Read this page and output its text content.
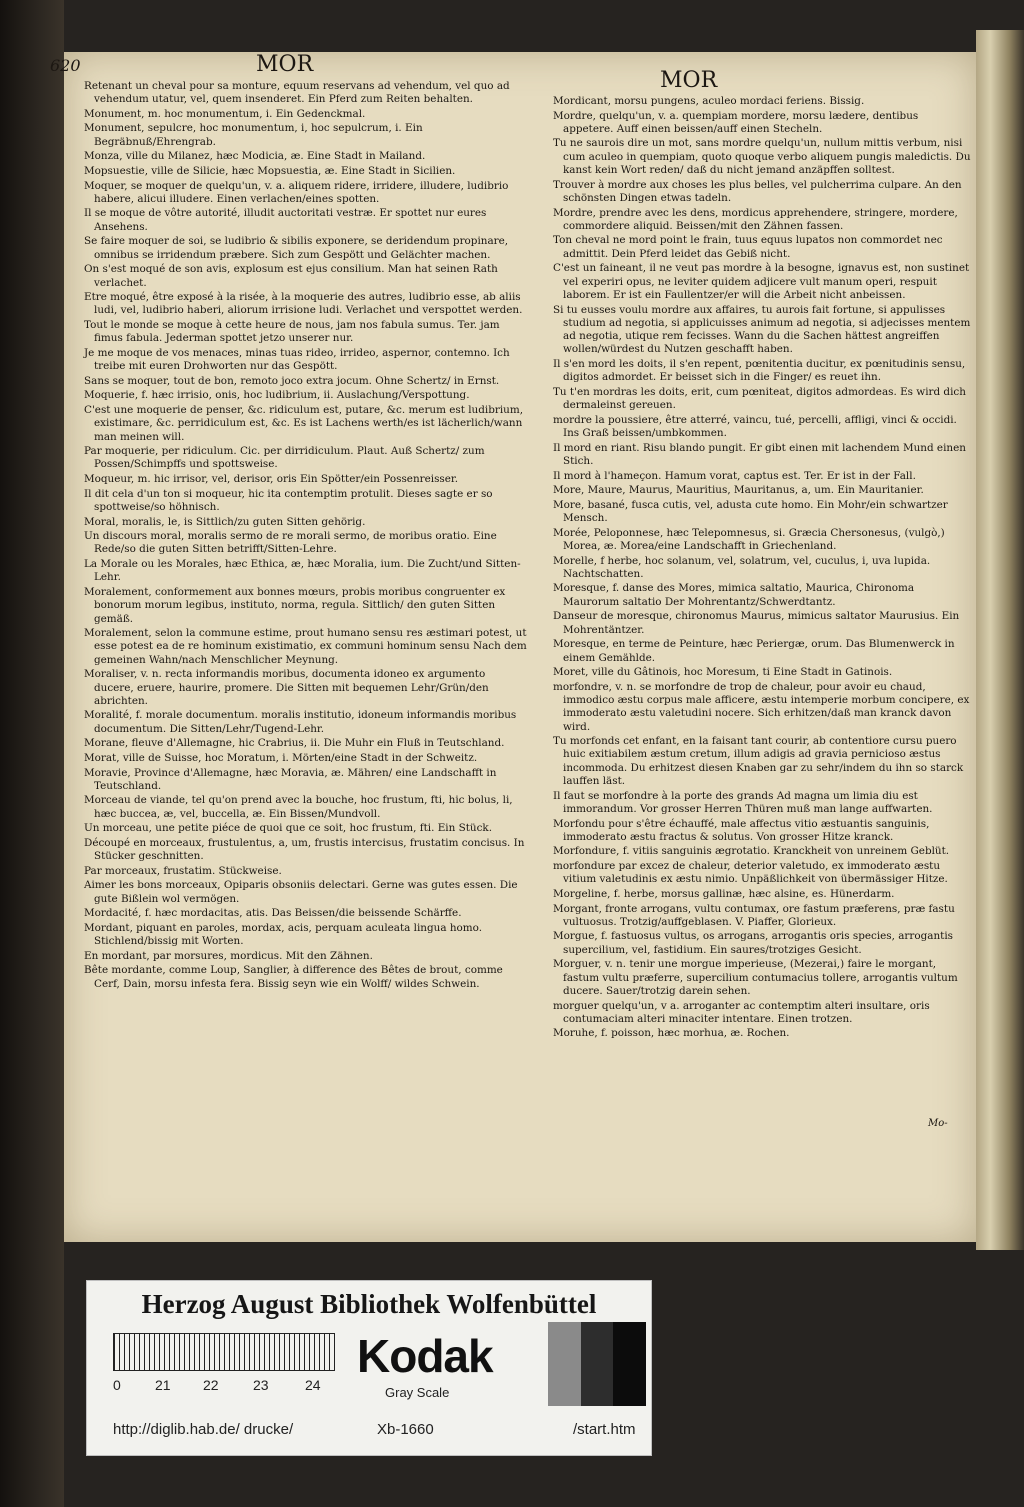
620	MOR
MOR

Retenant un cheval pour sa monture, equum reservans ad vehendum, vel quo ad vehendum utatur, vel, quem insenderet. Ein Pferd zum Reiten behalten.

Monument, m. hoc monumentum, i. Ein Gedenckmal.

Monument, sepulcre, hoc monumentum, i, hoc sepulcrum, i. Ein Begräbnuß/Ehrengrab.

Monza, ville du Milanez, hæc Modicia, æ. Eine Stadt in Mailand.

Mopsuestie, ville de Silicie, hæc Mopsuestia, æ. Eine Stadt in Sicilien.

Moquer, se moquer de quelqu'un, v. a. aliquem ridere, irridere, illudere, ludibrio habere, alicui illudere. Einen verlachen/eines spotten.

Il se moque de vôtre autorité, illudit auctoritati vestræ. Er spottet nur eures Ansehens.

Se faire moquer de soi, se ludibrio & sibilis exponere, se deridendum propinare, omnibus se irridendum præbere. Sich zum Gespött und Gelächter machen.

On s'est moqué de son avis, explosum est ejus consilium. Man hat seinen Rath verlachet.

Etre moqué, être exposé à la risée, à la moquerie des autres, ludibrio esse, ab aliis ludi, vel, ludibrio haberi, aliorum irrisione ludi. Verlachet und verspottet werden.

Tout le monde se moque à cette heure de nous, jam nos fabula sumus. Ter. jam fimus fabula. Jederman spottet jetzo unserer nur.

Je me moque de vos menaces, minas tuas rideo, irrideo, aspernor, contemno. Ich treibe mit euren Drohworten nur das Gespött.

Sans se moquer, tout de bon, remoto joco extra jocum. Ohne Schertz/ in Ernst.

Moquerie, f. hæc irrisio, onis, hoc ludibrium, ii. Auslachung/Verspottung.

C'est une moquerie de penser, &c. ridiculum est, putare, &c. merum est ludibrium, existimare, &c. perridiculum est, &c. Es ist Lachens werth/es ist lächerlich/wann man meinen will.

Par moquerie, per ridiculum. Cic. per dirridiculum. Plaut. Auß Schertz/ zum Possen/Schimpffs und spottsweise.

Moqueur, m. hic irrisor, vel, derisor, oris Ein Spötter/ein Possenreisser.

Il dit cela d'un ton si moqueur, hic ita contemptim protulit. Dieses sagte er so spottweise/so höhnisch.

Moral, moralis, le, is Sittlich/zu guten Sitten gehörig.

Un discours moral, moralis sermo de re morali sermo, de moribus oratio. Eine Rede/so die guten Sitten betrifft/Sitten-Lehre.

La Morale ou les Morales, hæc Ethica, æ, hæc Moralia, ium. Die Zucht/und Sitten-Lehr.

Moralement, conformement aux bonnes mœurs, probis moribus congruenter ex bonorum morum legibus, instituto, norma, regula. Sittlich/ den guten Sitten gemäß.

Moralement, selon la commune estime, prout humano sensu res æstimari potest, ut esse potest ea de re hominum existimatio, ex communi hominum sensu Nach dem gemeinen Wahn/nach Menschlicher Meynung.

Moraliser, v. n. recta informandis moribus, documenta idoneo ex argumento ducere, eruere, haurire, promere. Die Sitten mit bequemen Lehr/Grün/den abrichten.

Moralité, f. morale documentum. moralis institutio, idoneum informandis moribus documentum. Die Sitten/Lehr/Tugend-Lehr.

Morane, fleuve d'Allemagne, hic Crabrius, ii. Die Muhr ein Fluß in Teutschland.

Morat, ville de Suisse, hoc Moratum, i. Mörten/eine Stadt in der Schweitz.

Moravie, Province d'Allemagne, hæc Moravia, æ. Mähren/ eine Landschafft in Teutschland.

Morceau de viande, tel qu'on prend avec la bouche, hoc frustum, fti, hic bolus, li, hæc buccea, æ, vel, buccella, æ. Ein Bissen/Mundvoll.

Un morceau, une petite piéce de quoi que ce soit, hoc frustum, fti. Ein Stück.

Découpé en morceaux, frustulentus, a, um, frustis intercisus, frustatim concisus. In Stücker geschnitten.

Par morceaux, frustatim. Stückweise.

Aimer les bons morceaux, Opiparis obsoniis delectari. Gerne was gutes essen. Die gute Bißlein wol vermögen.

Mordacité, f. hæc mordacitas, atis. Das Beissen/die beissende Schärffe.

Mordant, piquant en paroles, mordax, acis, perquam aculeata lingua homo. Stichlend/bissig mit Worten.

En mordant, par morsures, mordicus. Mit den Zähnen.

Bête mordante, comme Loup, Sanglier, à difference des Bêtes de brout, comme Cerf, Dain, morsu infesta fera. Bissig seyn wie ein Wolff/ wildes Schwein.

Mordicant, morsu pungens, aculeo mordaci feriens. Bissig.

Mordre, quelqu'un, v. a. quempiam mordere, morsu lædere, dentibus appetere. Auff einen beissen/auff einen Stecheln.

Tu ne saurois dire un mot, sans mordre quelqu'un, nullum mittis verbum, nisi cum aculeo in quempiam, quoto quoque verbo aliquem pungis maledictis. Du kanst kein Wort reden/ daß du nicht jemand anzäpffen solltest.

Trouver à mordre aux choses les plus belles, vel pulcherrima culpare. An den schönsten Dingen etwas tadeln.

Mordre, prendre avec les dens, mordicus apprehendere, stringere, mordere, commordere aliquid. Beissen/mit den Zähnen fassen.

Ton cheval ne mord point le frain, tuus equus lupatos non commordet nec admittit. Dein Pferd leidet das Gebiß nicht.

C'est un faineant, il ne veut pas mordre à la besogne, ignavus est, non sustinet vel experiri opus, ne leviter quidem adjicere vult manum operi, respuit laborem. Er ist ein Faullentzer/er will die Arbeit nicht anbeissen.

Si tu eusses voulu mordre aux affaires, tu aurois fait fortune, si appulisses studium ad negotia, si applicuisses animum ad negotia, si adjecisses mentem ad negotia, utique rem fecisses. Wann du die Sachen hättest angreiffen wollen/würdest du Nutzen geschafft haben.

Il s'en mord les doits, il s'en repent, pœnitentia ducitur, ex pœnitudinis sensu, digitos admordet. Er beisset sich in die Finger/ es reuet ihn.

Tu t'en mordras les doits, erit, cum pœniteat, digitos admordeas. Es wird dich dermaleinst gereuen.

mordre la poussiere, être atterré, vaincu, tué, percelli, affligi, vinci & occidi. Ins Graß beissen/umbkommen.

Il mord en riant. Risu blando pungit. Er gibt einen mit lachendem Mund einen Stich.

Il mord à l'hameçon. Hamum vorat, captus est. Ter. Er ist in der Fall.

More, Maure, Maurus, Mauritius, Mauritanus, a, um. Ein Mauritanier.

More, basané, fusca cutis, vel, adusta cute homo. Ein Mohr/ein schwartzer Mensch.

Morée, Peloponnese, hæc Telepomnesus, si. Græcia Chersonesus, (vulgò,) Morea, æ. Morea/eine Landschafft in Griechenland.

Morelle, f herbe, hoc solanum, vel, solatrum, vel, cuculus, i, uva lupida. Nachtschatten.

Moresque, f. danse des Mores, mimica saltatio, Maurica, Chironoma Maurorum saltatio Der Mohrentantz/Schwerdtantz.

Danseur de moresque, chironomus Maurus, mimicus saltator Maurusius. Ein Mohrentäntzer.

Moresque, en terme de Peinture, hæc Periergæ, orum. Das Blumenwerck in einem Gemählde.

Moret, ville du Gâtinois, hoc Moresum, ti Eine Stadt in Gatinois.

morfondre, v. n. se morfondre de trop de chaleur, pour avoir eu chaud, immodico æstu corpus male afficere, æstu intemperie morbum concipere, ex immoderato æstu valetudini nocere. Sich erhitzen/daß man kranck davon wird.

Tu morfonds cet enfant, en la faisant tant courir, ab contentiore cursu puero huic exitiabilem æstum cretum, illum adigis ad gravia pernicioso æstus incommoda. Du erhitzest diesen Knaben gar zu sehr/indem du ihn so starck lauffen läst.

Il faut se morfondre à la porte des grands Ad magna um limia diu est immorandum. Vor grosser Herren Thüren muß man lange auffwarten.

Morfondu pour s'être échauffé, male affectus vitio æstuantis sanguinis, immoderato æstu fractus & solutus. Von grosser Hitze kranck.

Morfondure, f. vitiis sanguinis ægrotatio. Kranckheit von unreinem Geblüt.

morfondure par excez de chaleur, deterior valetudo, ex immoderato æstu vitium valetudinis ex æstu nimio. Unpäßlichkeit von übermässiger Hitze.

Morgeline, f. herbe, morsus gallinæ, hæc alsine, es. Hünerdarm.

Morgant, fronte arrogans, vultu contumax, ore fastum præferens, præ fastu vultuosus. Trotzig/auffgeblasen. V. Piaffer, Glorieux.

Morgue, f. fastuosus vultus, os arrogans, arrogantis oris species, arrogantis supercilium, vel, fastidium. Ein saures/trotziges Gesicht.

Morguer, v. n. tenir une morgue imperieuse, (Mezerai,) faire le morgant, fastum vultu præferre, supercilium contumacius tollere, arrogantis vultum ducere. Sauer/trotzig darein sehen.

morguer quelqu'un, v a. arroganter ac contemptim alteri insultare, oris contumaciam alteri minaciter intentare. Einen trotzen.

Moruhe, f. poisson, hæc morhua, æ. Rochen.

Mo-
Herzog August Bibliothek Wolfenbüttel
0 21 22 23	24
Kodak
Gray Scale
http://diglib.hab.de/ drucke/	Xb-1660	/start.htm
